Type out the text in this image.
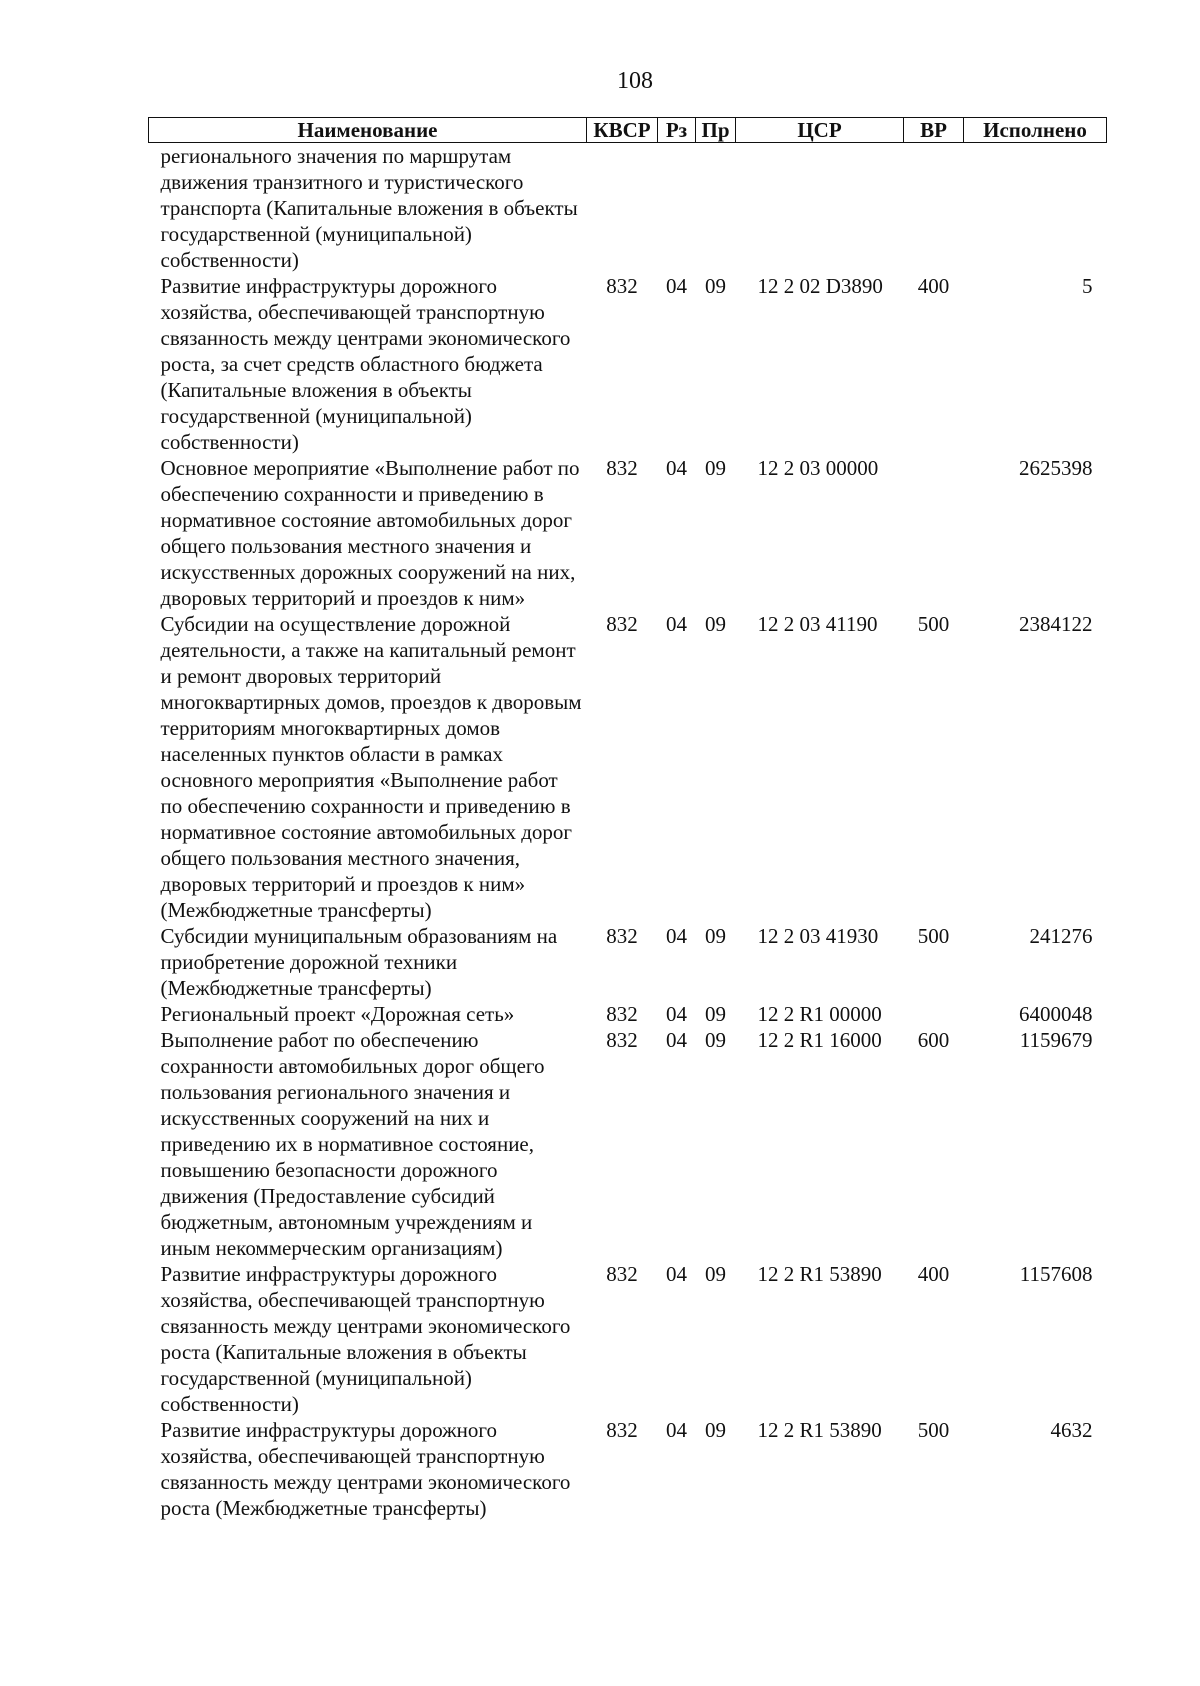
108
Наименование	КВСР	Рз	Пр	ЦСР	ВР	Исполнено
регионального значения по маршрутам движения транзитного и туристического транспорта (Капитальные вложения в объекты государственной (муниципальной) собственности)						
Развитие инфраструктуры дорожного хозяйства, обеспечивающей транспортную связанность между центрами экономического роста, за счет средств областного бюджета (Капитальные вложения в объекты государственной (муниципальной) собственности)	832	04	09	12 2 02 D3890	400	5
Основное мероприятие «Выполнение работ по обеспечению сохранности и приведению в нормативное состояние автомобильных дорог общего пользования местного значения и искусственных дорожных сооружений на них, дворовых территорий и проездов к ним»	832	04	09	12 2 03 00000		2625398
Субсидии на осуществление дорожной деятельности, а также на капитальный ремонт и ремонт дворовых территорий многоквартирных домов, проездов к дворовым территориям многоквартирных домов населенных пунктов области в рамках основного мероприятия «Выполнение работ по обеспечению сохранности и приведению в нормативное состояние автомобильных дорог общего пользования местного значения, дворовых территорий и проездов к ним» (Межбюджетные трансферты)	832	04	09	12 2 03 41190	500	2384122
Субсидии муниципальным образованиям на приобретение дорожной техники (Межбюджетные трансферты)	832	04	09	12 2 03 41930	500	241276
Региональный проект «Дорожная сеть»	832	04	09	12 2 R1 00000		6400048
Выполнение работ по обеспечению сохранности автомобильных дорог общего пользования регионального значения и искусственных сооружений на них и приведению их в нормативное состояние, повышению безопасности дорожного движения (Предоставление субсидий бюджетным, автономным учреждениям и иным некоммерческим организациям)	832	04	09	12 2 R1 16000	600	1159679
Развитие инфраструктуры дорожного хозяйства, обеспечивающей транспортную связанность между центрами экономического роста (Капитальные вложения в объекты государственной (муниципальной) собственности)	832	04	09	12 2 R1 53890	400	1157608
Развитие инфраструктуры дорожного хозяйства, обеспечивающей транспортную связанность между центрами экономического роста (Межбюджетные трансферты)	832	04	09	12 2 R1 53890	500	4632
